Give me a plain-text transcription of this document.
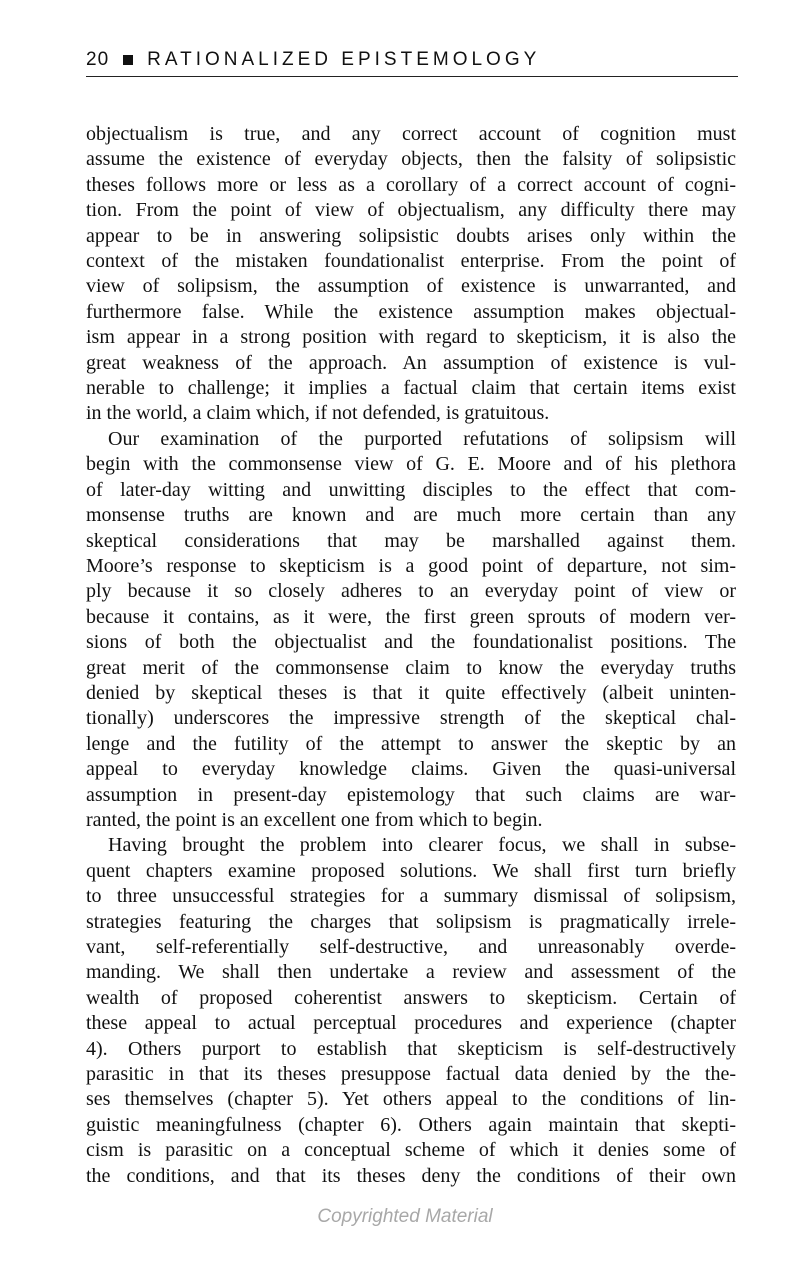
20 RATIONALIZED EPISTEMOLOGY

objectualism is true, and any correct account of cognition must
assume the existence of everyday objects, then the falsity of solipsistic
theses follows more or less as a corollary of a correct account of cogni-
tion. From the point of view of objectualism, any difficulty there may
appear to be in answering solipsistic doubts arises only within the
context of the mistaken foundationalist enterprise. From the point of
view of solipsism, the assumption of existence is unwarranted, and
furthermore false. While the existence assumption makes objectual-
ism appear in a strong position with regard to skepticism, it is also the
great weakness of the approach. An assumption of existence is vul-
nerable to challenge; it implies a factual claim that certain items exist
in the world, a claim which, if not defended, is gratuitous.

Our examination of the purported refutations of solipsism will
begin with the commonsense view of G. E. Moore and of his plethora
of later-day witting and unwitting disciples to the effect that com-
monsense truths are known and are much more certain than any
skeptical considerations that may be marshalled against them.
Moore’s response to skepticism is a good point of departure, not sim-
ply because it so closely adheres to an everyday point of view or
because it contains, as it were, the first green sprouts of modern ver-
sions of both the objectualist and the foundationalist positions. The
great merit of the commonsense claim to know the everyday truths
denied by skeptical theses is that it quite effectively (albeit uninten-
tionally) underscores the impressive strength of the skeptical chal-
lenge and the futility of the attempt to answer the skeptic by an
appeal to everyday knowledge claims. Given the quasi-universal
assumption in present-day epistemology that such claims are war-
ranted, the point is an excellent one from which to begin.

Having brought the problem into clearer focus, we shall in subse-
quent chapters examine proposed solutions. We shall first turn briefly
to three unsuccessful strategies for a summary dismissal of solipsism,
strategies featuring the charges that solipsism is pragmatically irrele-
vant, self-referentially self-destructive, and unreasonably overde-
manding. We shall then undertake a review and assessment of the
wealth of proposed coherentist answers to skepticism. Certain of
these appeal to actual perceptual procedures and experience (chapter
4). Others purport to establish that skepticism is self-destructively
parasitic in that its theses presuppose factual data denied by the the-
ses themselves (chapter 5). Yet others appeal to the conditions of lin-
guistic meaningfulness (chapter 6). Others again maintain that skepti-
cism is parasitic on a conceptual scheme of which it denies some of
the conditions, and that its theses deny the conditions of their own

Copyrighted Material
